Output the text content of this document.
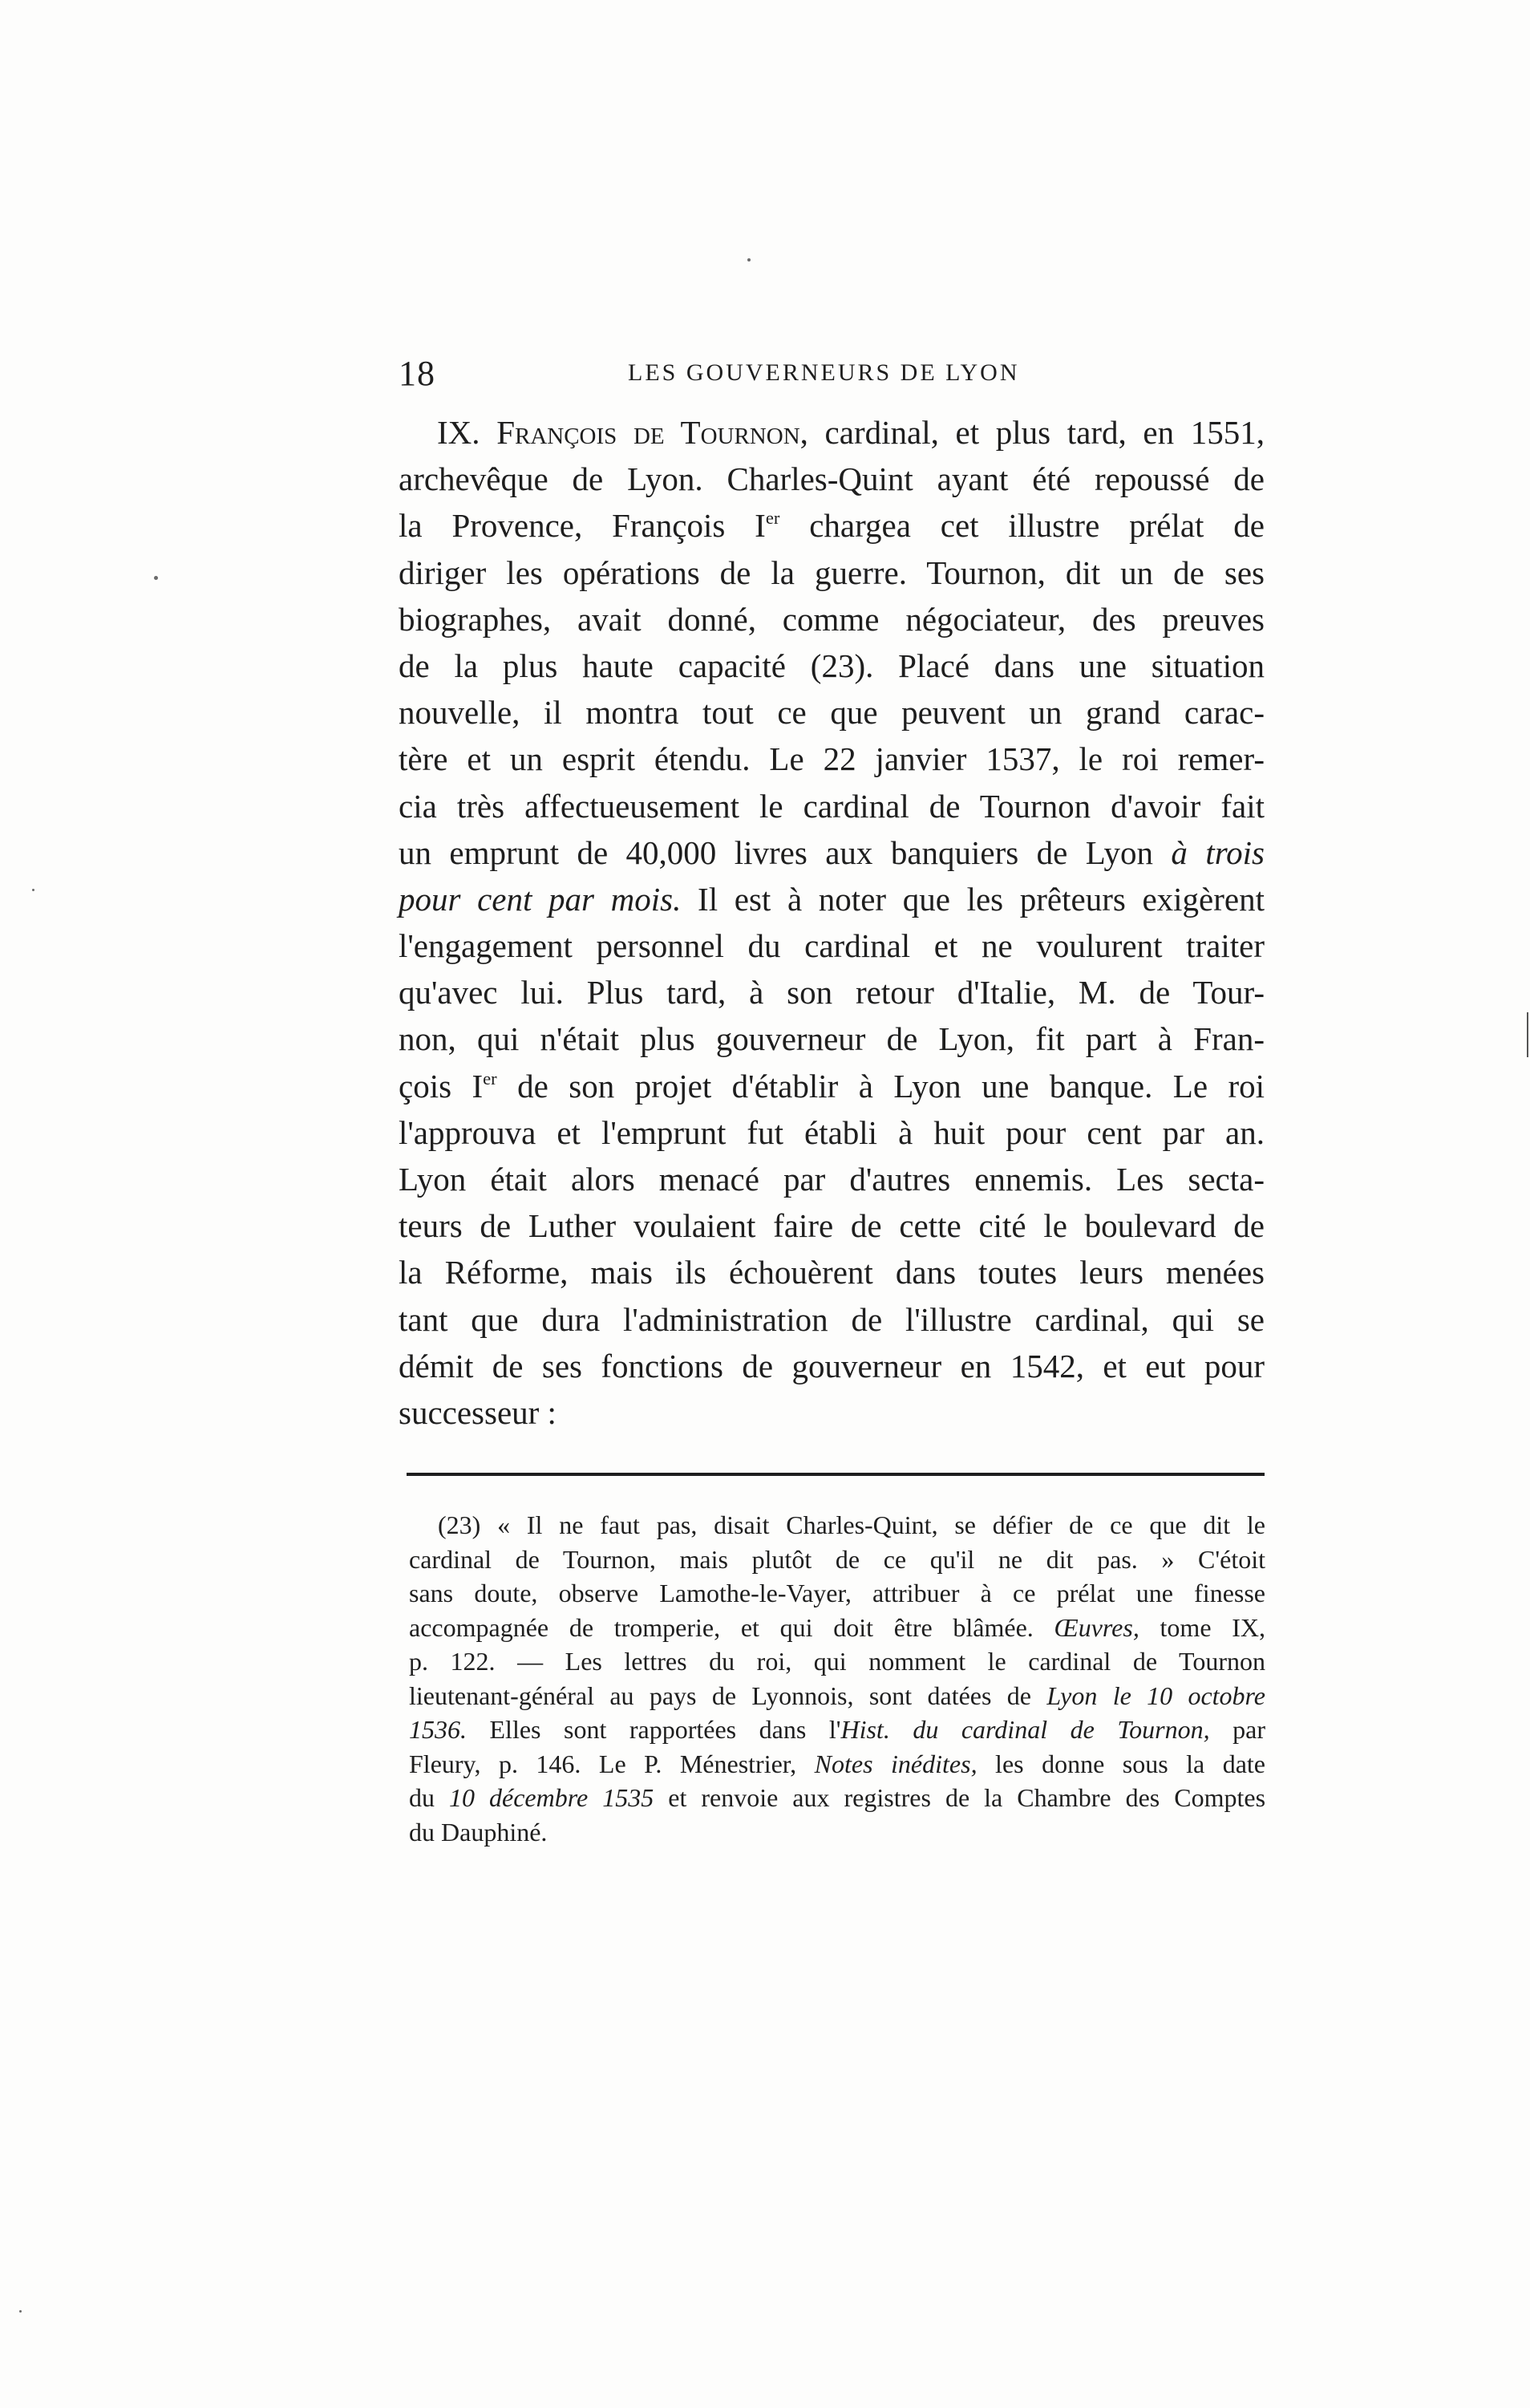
18	LES GOUVERNEURS DE LYON
IX. François de Tournon, cardinal, et plus tard, en 1551,
archevêque de Lyon. Charles-Quint ayant été repoussé de
la Provence, François Ier chargea cet illustre prélat de
diriger les opérations de la guerre. Tournon, dit un de ses
biographes, avait donné, comme négociateur, des preuves
de la plus haute capacité (23). Placé dans une situation
nouvelle, il montra tout ce que peuvent un grand carac-
tère et un esprit étendu. Le 22 janvier 1537, le roi remer-
cia très affectueusement le cardinal de Tournon d'avoir fait
un emprunt de 40,000 livres aux banquiers de Lyon à trois
pour cent par mois. Il est à noter que les prêteurs exigèrent
l'engagement personnel du cardinal et ne voulurent traiter
qu'avec lui. Plus tard, à son retour d'Italie, M. de Tour-
non, qui n'était plus gouverneur de Lyon, fit part à Fran-
çois Ier de son projet d'établir à Lyon une banque. Le roi
l'approuva et l'emprunt fut établi à huit pour cent par an.
Lyon était alors menacé par d'autres ennemis. Les secta-
teurs de Luther voulaient faire de cette cité le boulevard de
la Réforme, mais ils échouèrent dans toutes leurs menées
tant que dura l'administration de l'illustre cardinal, qui se
démit de ses fonctions de gouverneur en 1542, et eut pour
successeur :
(23) « Il ne faut pas, disait Charles-Quint, se défier de ce que dit le
cardinal de Tournon, mais plutôt de ce qu'il ne dit pas. » C'étoit
sans doute, observe Lamothe-le-Vayer, attribuer à ce prélat une finesse
accompagnée de tromperie, et qui doit être blâmée. Œuvres, tome IX,
p. 122. — Les lettres du roi, qui nomment le cardinal de Tournon
lieutenant-général au pays de Lyonnois, sont datées de Lyon le 10 octobre
1536. Elles sont rapportées dans l'Hist. du cardinal de Tournon, par
Fleury, p. 146. Le P. Ménestrier, Notes inédites, les donne sous la date
du 10 décembre 1535 et renvoie aux registres de la Chambre des Comptes
du Dauphiné.
